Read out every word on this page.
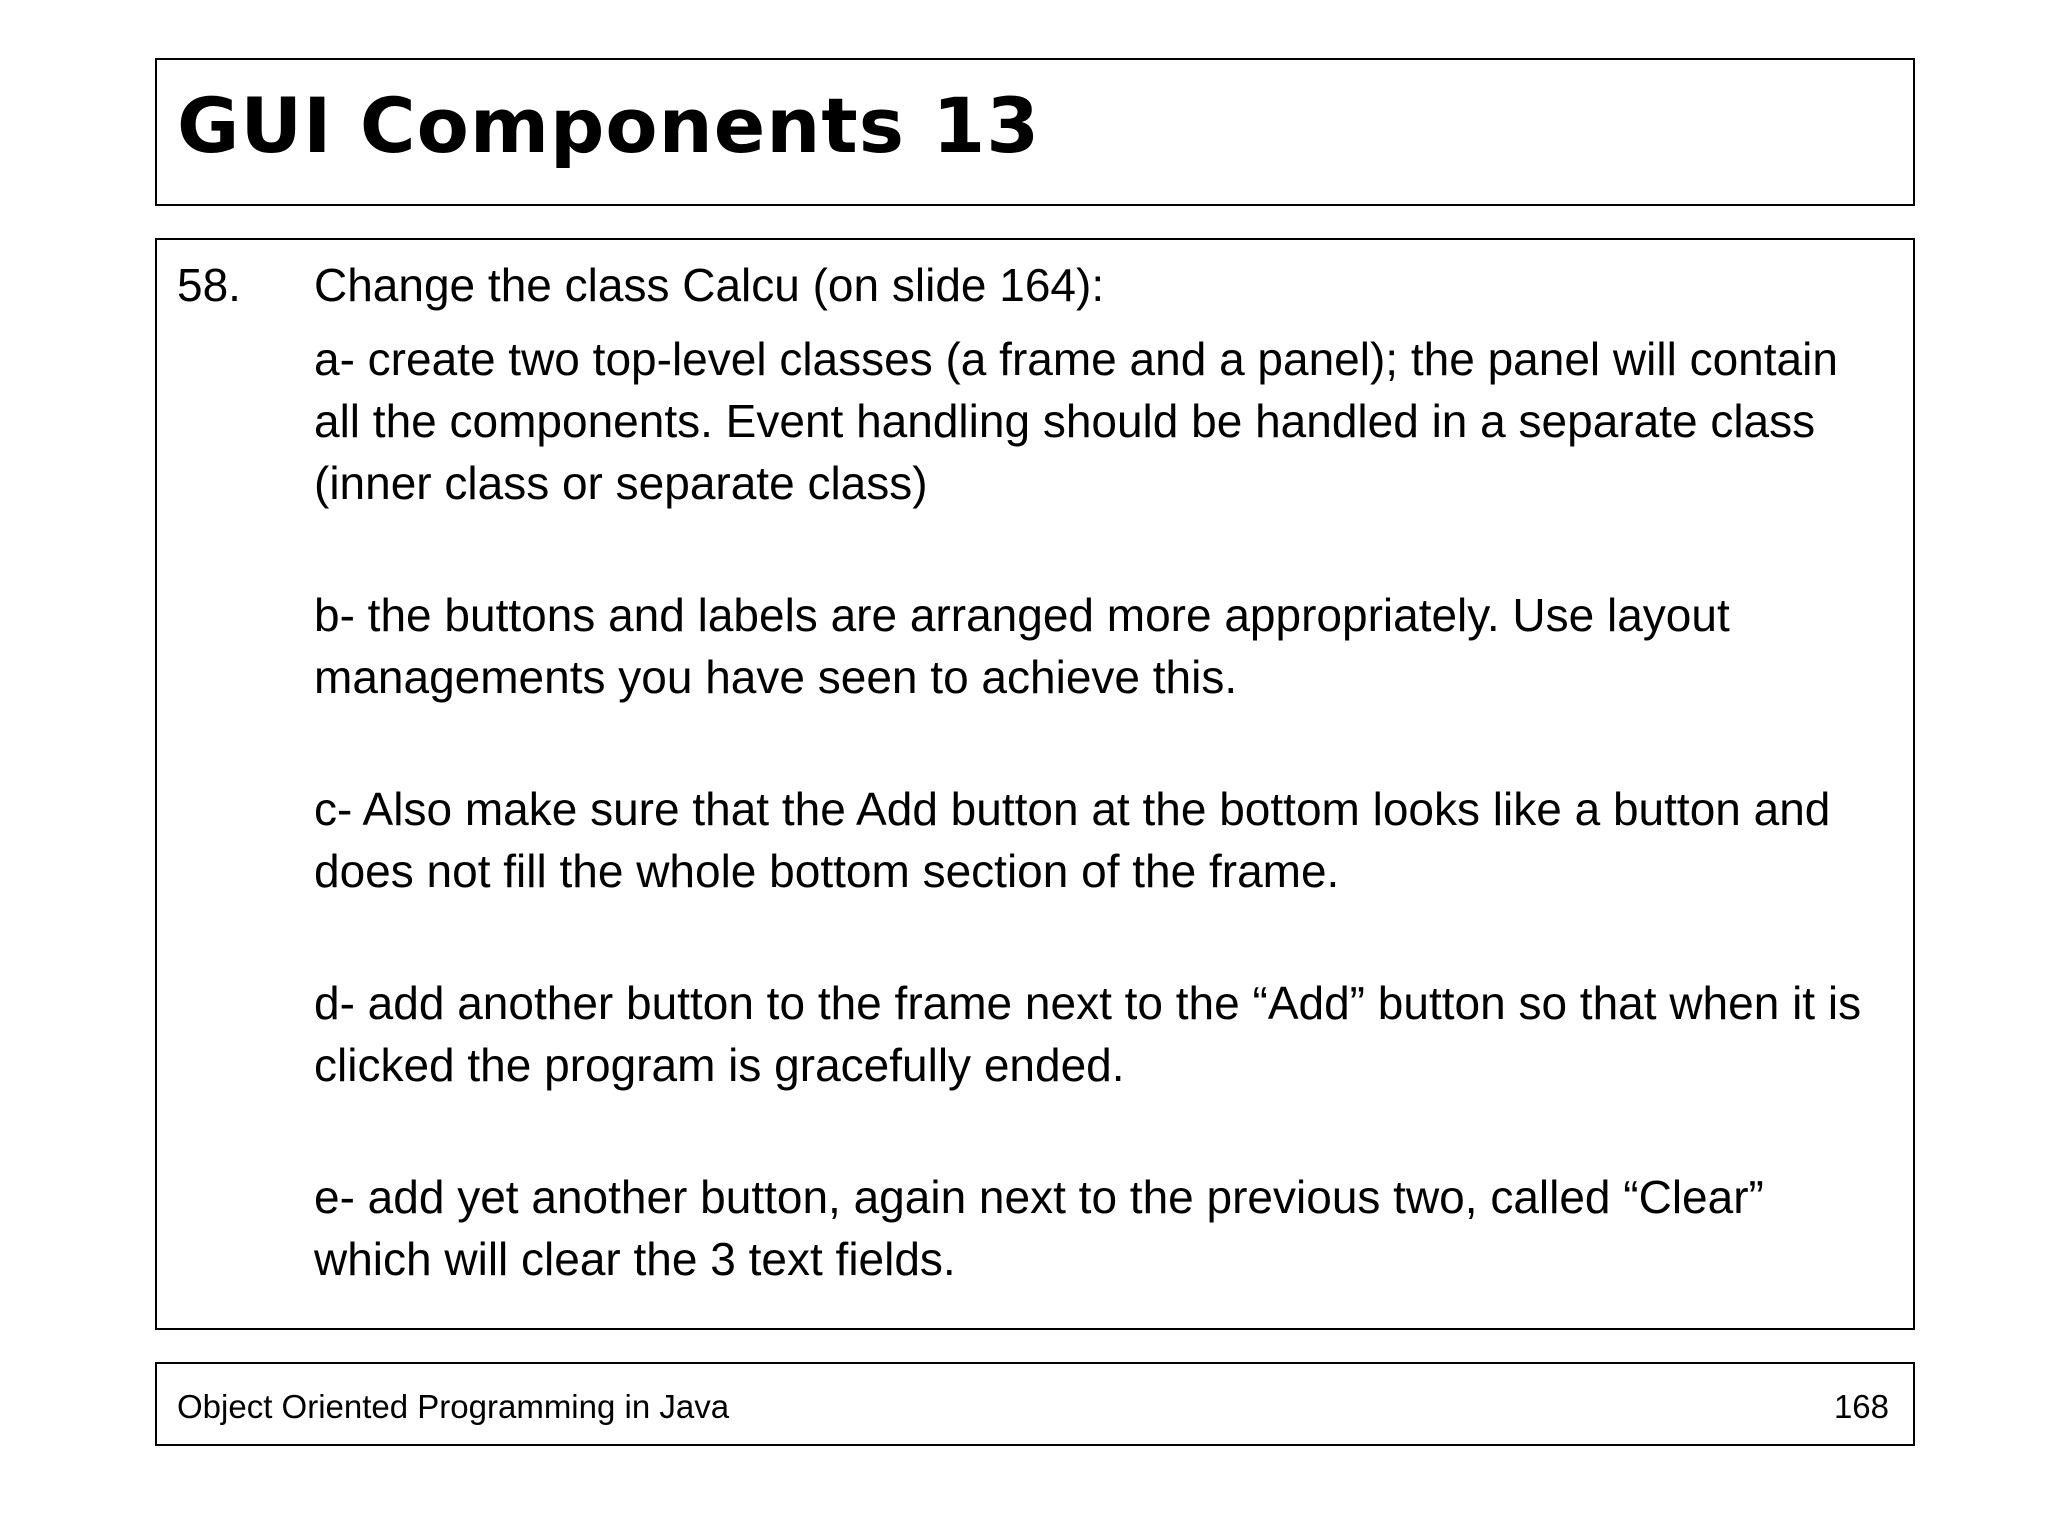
GUI Components 13
58. Change the class Calcu (on slide 164):

a- create two top-level classes (a frame and a panel); the panel will contain all the components. Event handling should be handled in a separate class (inner class or separate class)

b- the buttons and labels are arranged more appropriately. Use layout managements you have seen to achieve this.

c- Also make sure that the Add button at the bottom looks like a button and does not fill the whole bottom section of the frame.

d- add another button to the frame next to the “Add” button so that when it is clicked the program is gracefully ended.

e- add yet another button, again next to the previous two, called “Clear” which will clear the 3 text fields.

Object Oriented Programming in Java	168
